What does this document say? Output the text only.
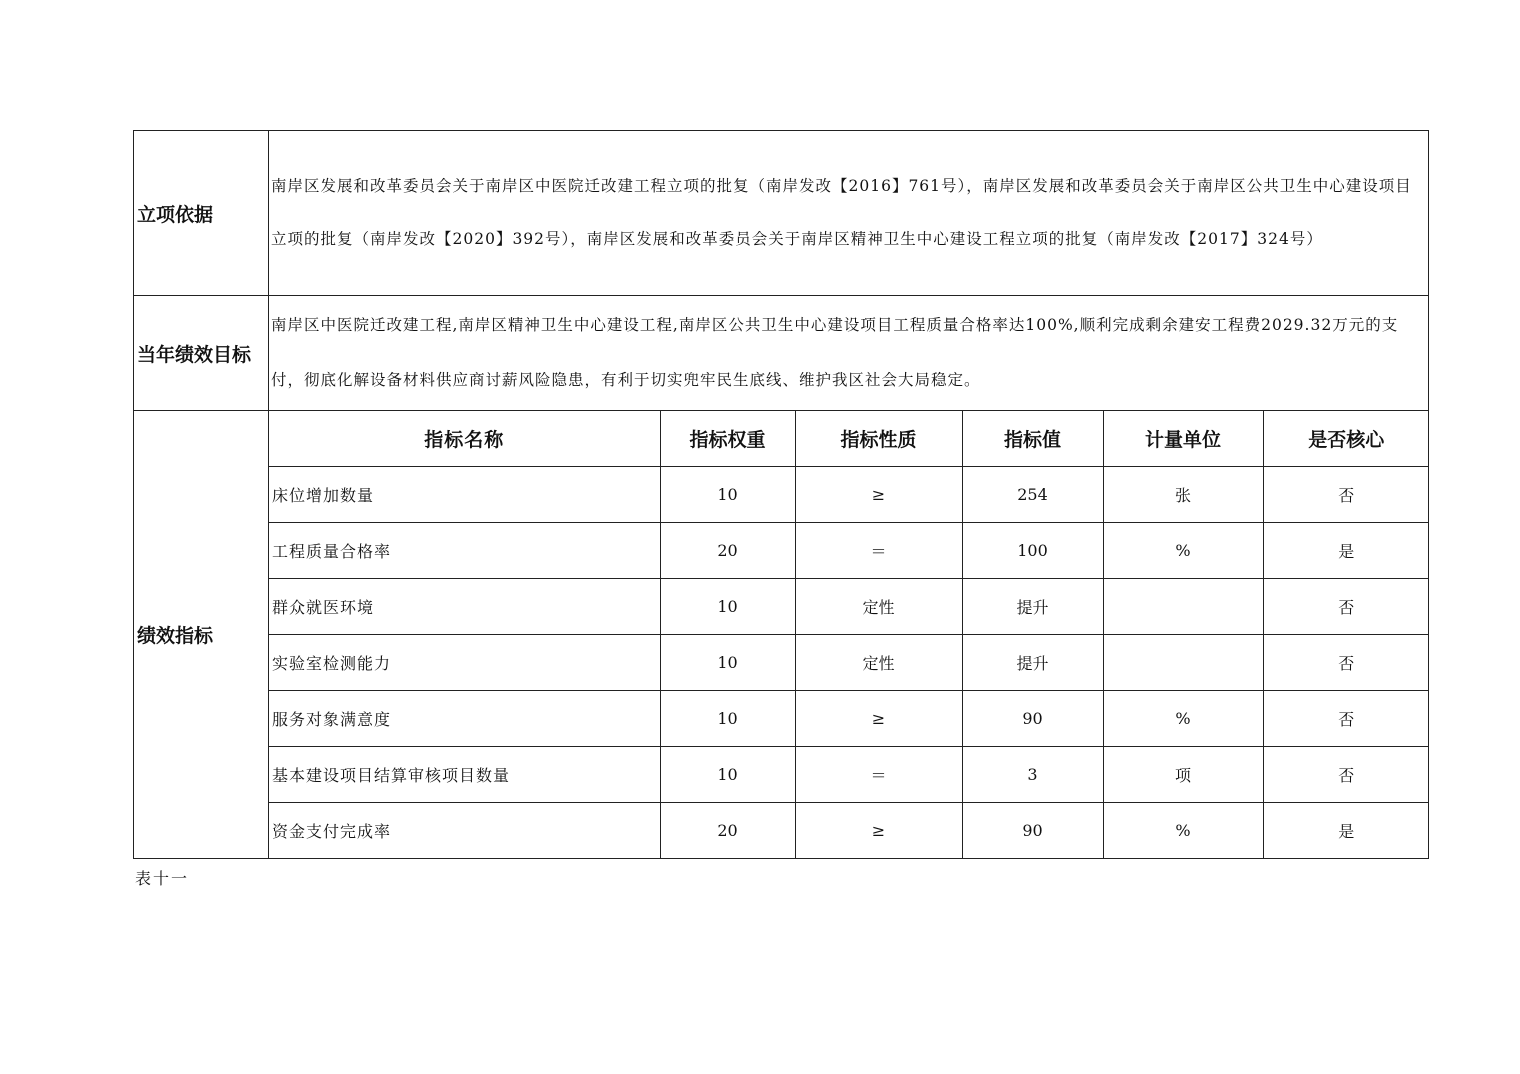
立项依据	南岸区发展和改革委员会关于南岸区中医院迁改建工程立项的批复（南岸发改【2016】761号），南岸区发展和改革委员会关于南岸区公共卫生中心建设项目立项的批复（南岸发改【2020】392号），南岸区发展和改革委员会关于南岸区精神卫生中心建设工程立项的批复（南岸发改【2017】324号）
当年绩效目标	南岸区中医院迁改建工程,南岸区精神卫生中心建设工程,南岸区公共卫生中心建设项目工程质量合格率达100%,顺利完成剩余建安工程费2029.32万元的支付，彻底化解设备材料供应商讨薪风险隐患，有利于切实兜牢民生底线、维护我区社会大局稳定。
绩效指标	
指标名称	指标权重	指标性质	指标值	计量单位	是否核心
床位增加数量	10	≥	254	张	否
工程质量合格率	20	＝	100	%	是
群众就医环境	10	定性	提升		否
实验室检测能力	10	定性	提升		否
服务对象满意度	10	≥	90	%	否
基本建设项目结算审核项目数量	10	＝	3	项	否
资金支付完成率	20	≥	90	%	是
表十一
